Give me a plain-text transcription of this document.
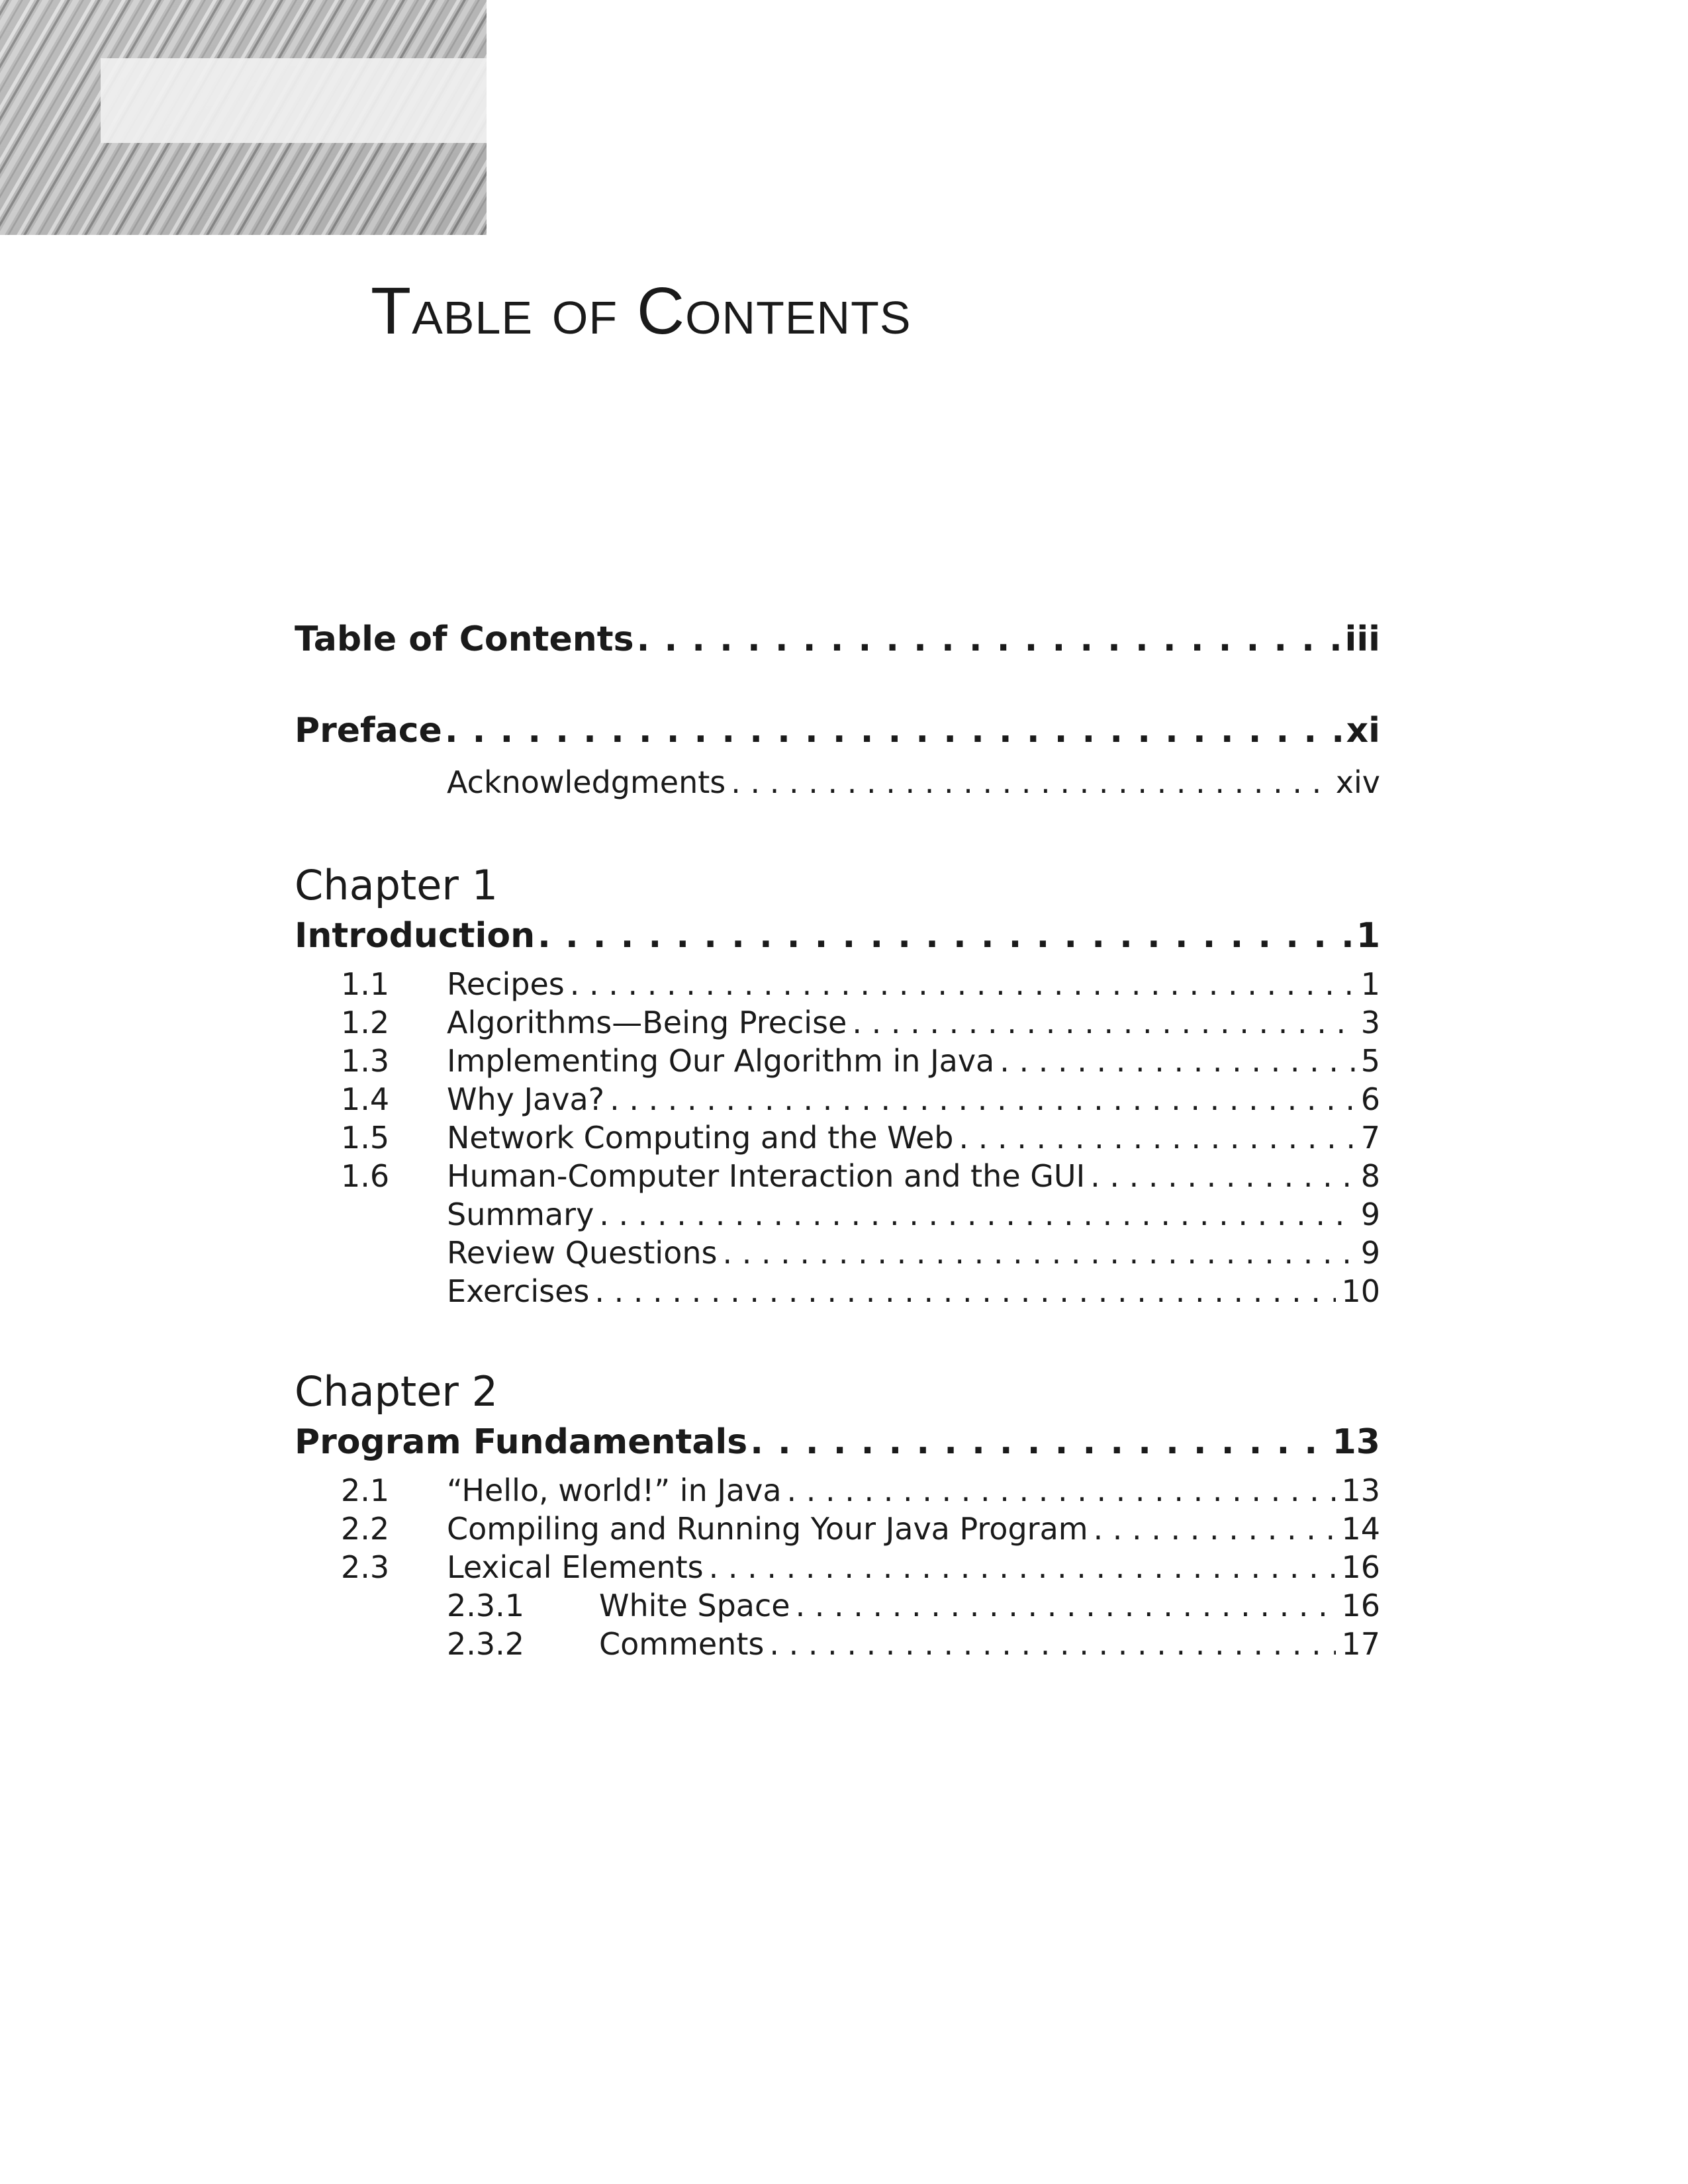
Table of Contents
Table of Contents . . .	iii
Preface . . .	xi
Acknowledgments . . .	xiv
Chapter 1
Introduction . . .	1
1.1	Recipes . . .	1
1.2	Algorithms—Being Precise . . .	3
1.3	Implementing Our Algorithm in Java . . .	5
1.4	Why Java? . . .	6
1.5	Network Computing and the Web . . .	7
1.6	Human-Computer Interaction and the GUI . . .	8
Summary . . .	9
Review Questions . . .	9
Exercises . . .	10
Chapter 2
Program Fundamentals . . .	13
2.1	“Hello, world!” in Java . . .	13
2.2	Compiling and Running Your Java Program . . .	14
2.3	Lexical Elements . . .	16
2.3.1	White Space . . .	16
2.3.2	Comments . . .	17
